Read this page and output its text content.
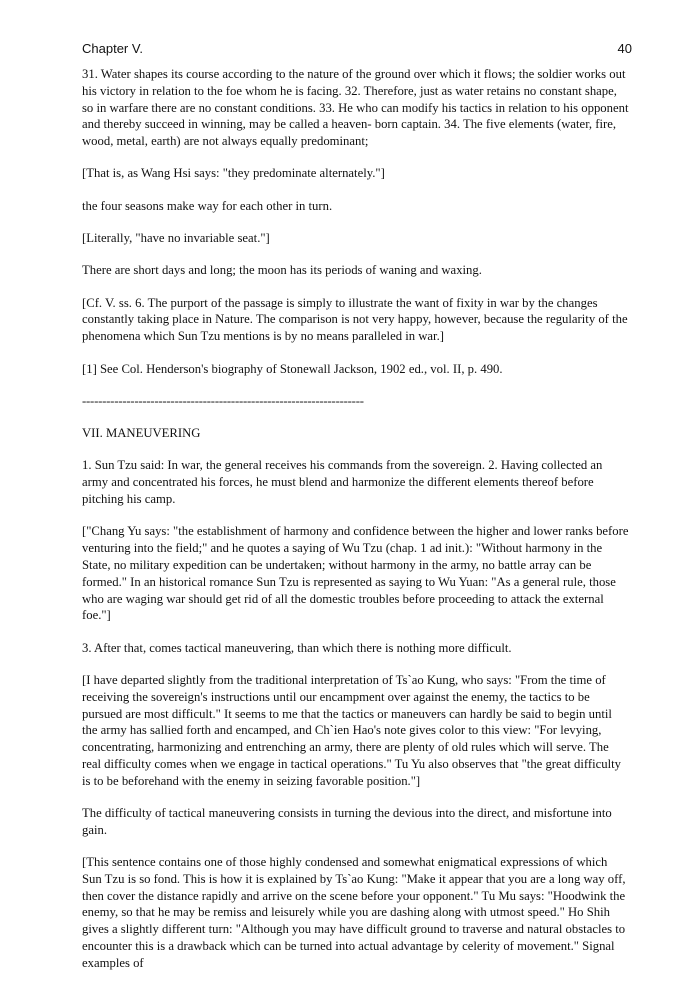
Chapter V.	40

31. Water shapes its course according to the nature of the ground over which it flows; the soldier works out his victory in relation to the foe whom he is facing. 32. Therefore, just as water retains no constant shape, so in warfare there are no constant conditions. 33. He who can modify his tactics in relation to his opponent and thereby succeed in winning, may be called a heaven- born captain. 34. The five elements (water, fire, wood, metal, earth) are not always equally predominant;

[That is, as Wang Hsi says: "they predominate alternately."]

the four seasons make way for each other in turn.

[Literally, "have no invariable seat."]

There are short days and long; the moon has its periods of waning and waxing.

[Cf. V. ss. 6. The purport of the passage is simply to illustrate the want of fixity in war by the changes constantly taking place in Nature. The comparison is not very happy, however, because the regularity of the phenomena which Sun Tzu mentions is by no means paralleled in war.]

[1] See Col. Henderson's biography of Stonewall Jackson, 1902 ed., vol. II, p. 490.

----------------------------------------------------------------------

VII. MANEUVERING

1. Sun Tzu said: In war, the general receives his commands from the sovereign. 2. Having collected an army and concentrated his forces, he must blend and harmonize the different elements thereof before pitching his camp.

["Chang Yu says: "the establishment of harmony and confidence between the higher and lower ranks before venturing into the field;" and he quotes a saying of Wu Tzu (chap. 1 ad init.): "Without harmony in the State, no military expedition can be undertaken; without harmony in the army, no battle array can be formed." In an historical romance Sun Tzu is represented as saying to Wu Yuan: "As a general rule, those who are waging war should get rid of all the domestic troubles before proceeding to attack the external foe."]

3. After that, comes tactical maneuvering, than which there is nothing more difficult.

[I have departed slightly from the traditional interpretation of Ts`ao Kung, who says: "From the time of receiving the sovereign's instructions until our encampment over against the enemy, the tactics to be pursued are most difficult." It seems to me that the tactics or maneuvers can hardly be said to begin until the army has sallied forth and encamped, and Ch`ien Hao's note gives color to this view: "For levying, concentrating, harmonizing and entrenching an army, there are plenty of old rules which will serve. The real difficulty comes when we engage in tactical operations." Tu Yu also observes that "the great difficulty is to be beforehand with the enemy in seizing favorable position."]

The difficulty of tactical maneuvering consists in turning the devious into the direct, and misfortune into gain.

[This sentence contains one of those highly condensed and somewhat enigmatical expressions of which Sun Tzu is so fond. This is how it is explained by Ts`ao Kung: "Make it appear that you are a long way off, then cover the distance rapidly and arrive on the scene before your opponent." Tu Mu says: "Hoodwink the enemy, so that he may be remiss and leisurely while you are dashing along with utmost speed." Ho Shih gives a slightly different turn: "Although you may have difficult ground to traverse and natural obstacles to encounter this is a drawback which can be turned into actual advantage by celerity of movement." Signal examples of
